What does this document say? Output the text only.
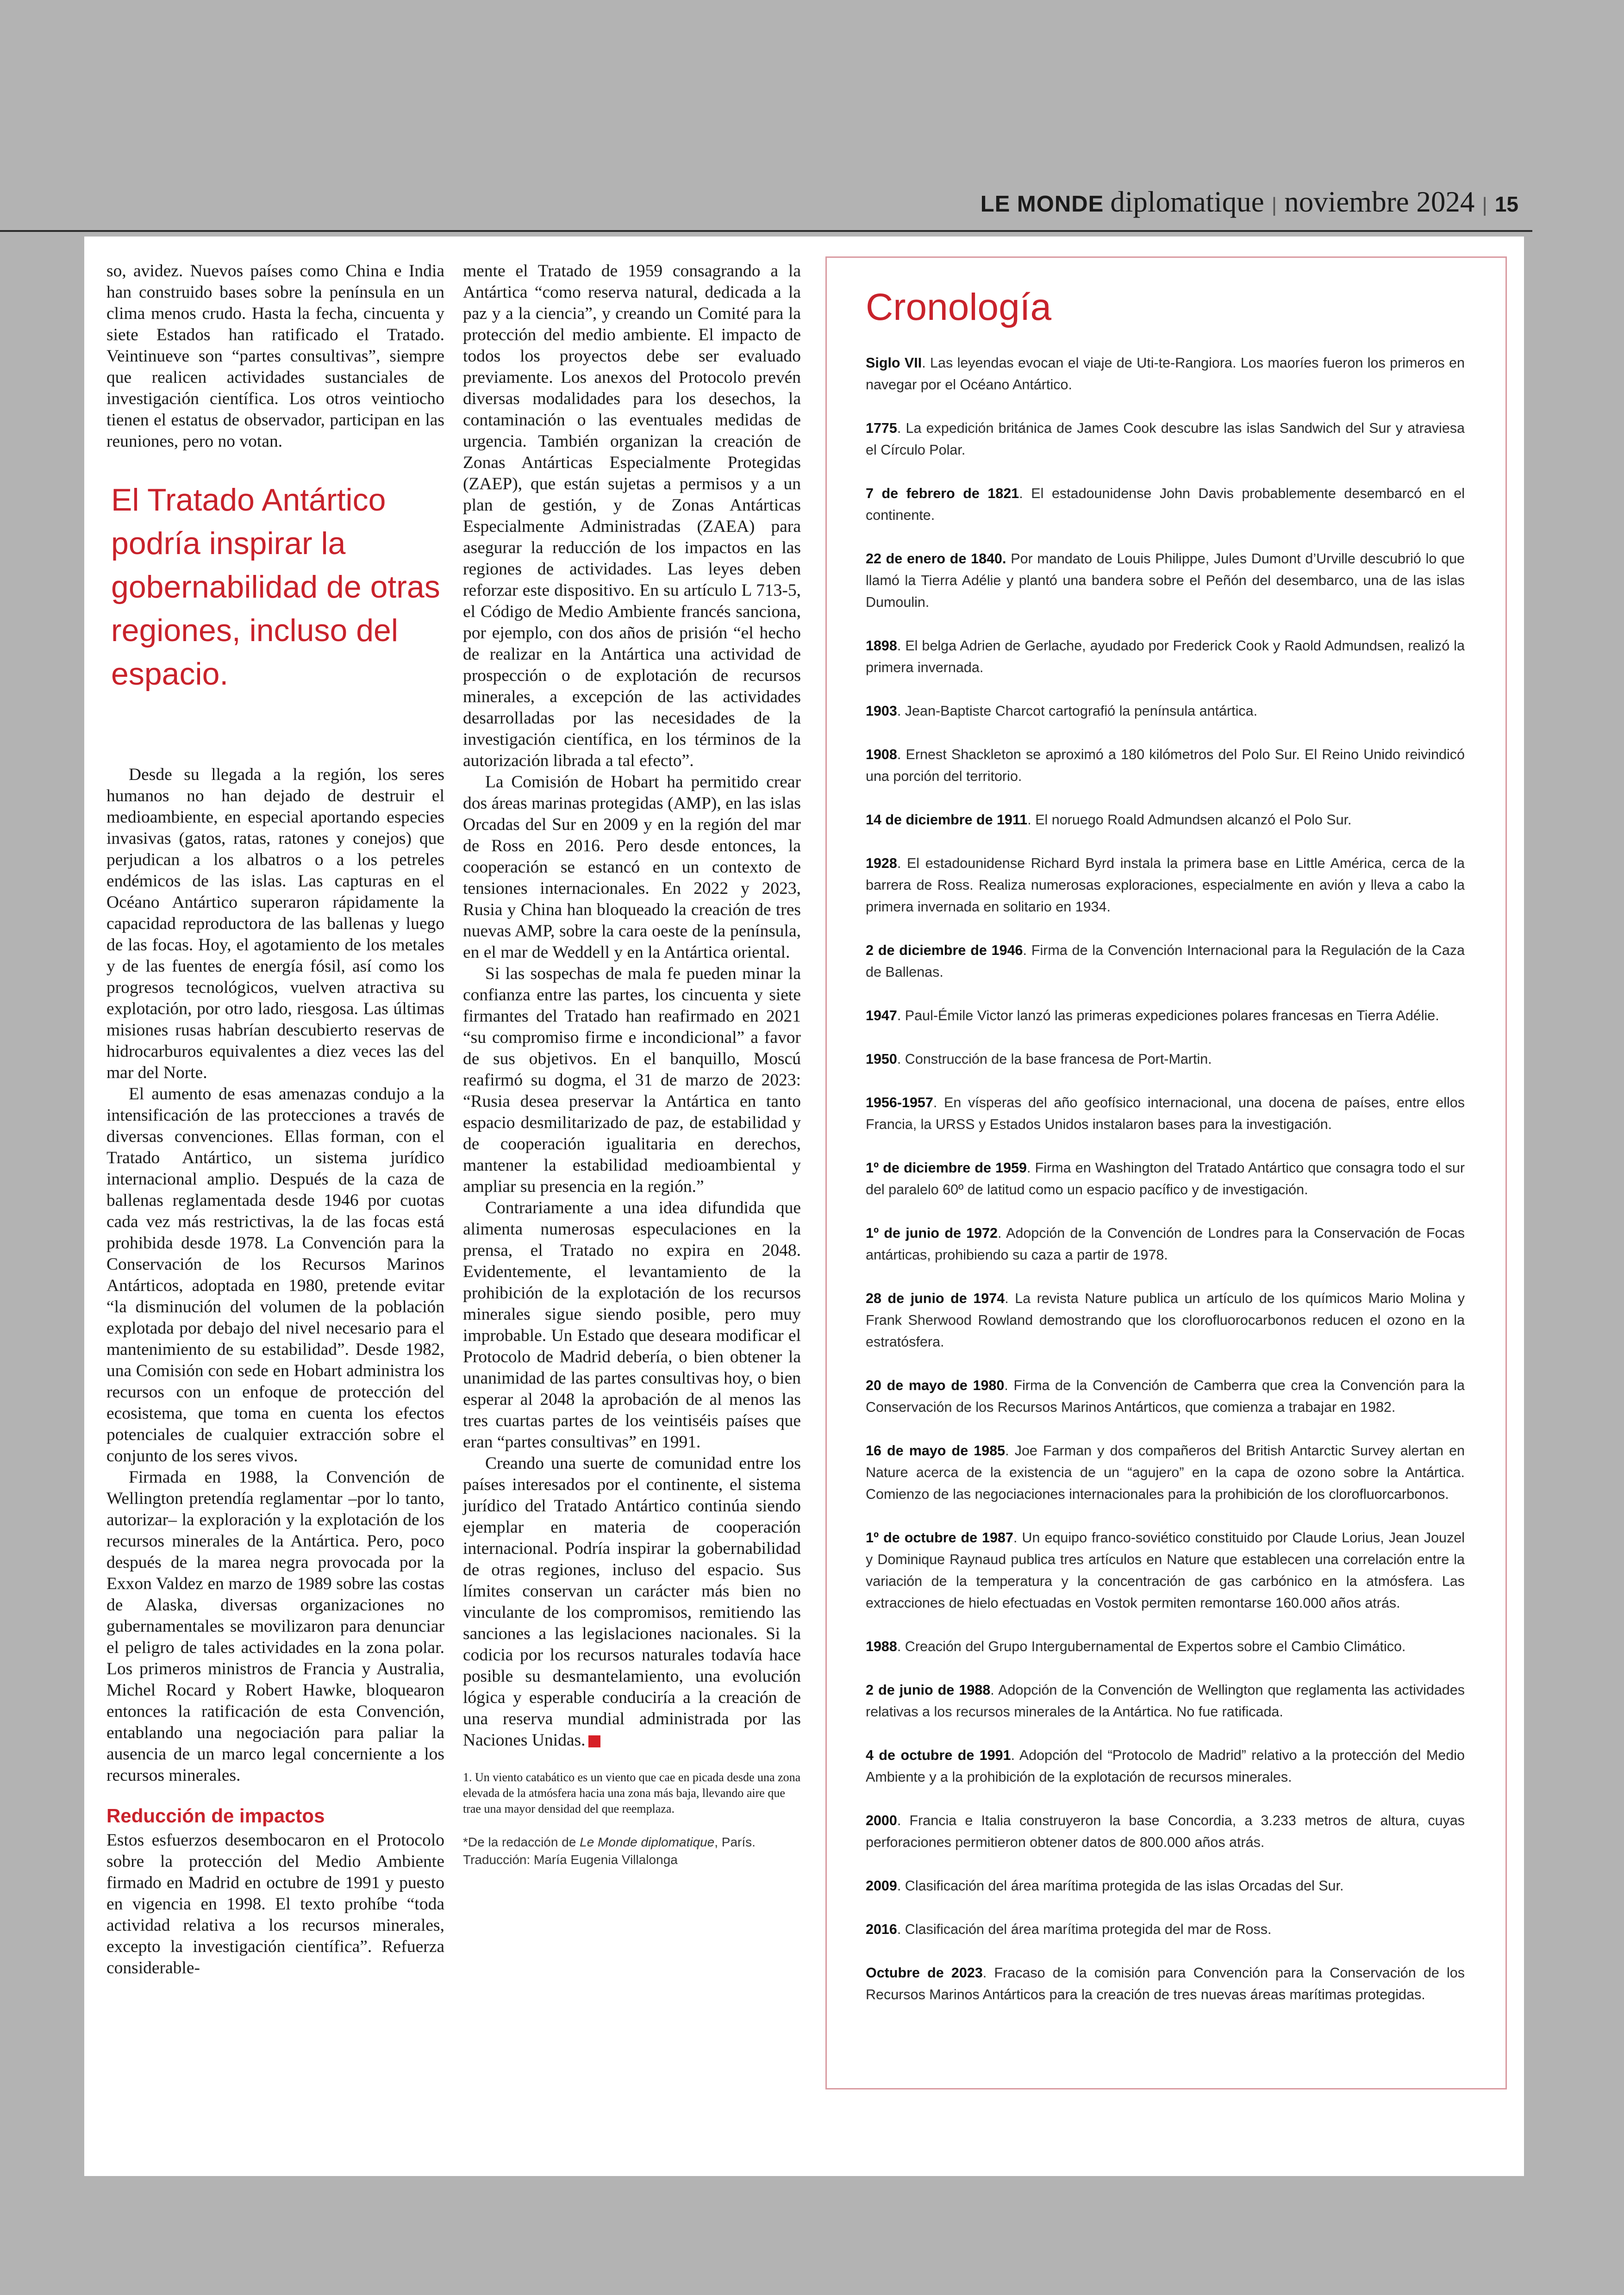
LE MONDE diplomatique | noviembre 2024 | 15

so, avidez. Nuevos países como China e India han construido bases sobre la península en un clima menos crudo. Hasta la fecha, cincuenta y siete Estados han ratificado el Tratado. Veintinueve son “partes consultivas”, siempre que realicen actividades sustanciales de investigación científica. Los otros veintiocho tienen el estatus de observador, participan en las reuniones, pero no votan.

El Tratado Antártico podría inspirar la gobernabilidad de otras regiones, incluso del espacio.

Desde su llegada a la región, los seres humanos no han dejado de destruir el medioambiente, en especial aportando especies invasivas (gatos, ratas, ratones y conejos) que perjudican a los albatros o a los petreles endémicos de las islas. Las capturas en el Océano Antártico superaron rápidamente la capacidad reproductora de las ballenas y luego de las focas. Hoy, el agotamiento de los metales y de las fuentes de energía fósil, así como los progresos tecnológicos, vuelven atractiva su explotación, por otro lado, riesgosa. Las últimas misiones rusas habrían descubierto reservas de hidrocarburos equivalentes a diez veces las del mar del Norte.

El aumento de esas amenazas condujo a la intensificación de las protecciones a través de diversas convenciones. Ellas forman, con el Tratado Antártico, un sistema jurídico internacional amplio. Después de la caza de ballenas reglamentada desde 1946 por cuotas cada vez más restrictivas, la de las focas está prohibida desde 1978. La Convención para la Conservación de los Recursos Marinos Antárticos, adoptada en 1980, pretende evitar “la disminución del volumen de la población explotada por debajo del nivel necesario para el mantenimiento de su estabilidad”. Desde 1982, una Comisión con sede en Hobart administra los recursos con un enfoque de protección del ecosistema, que toma en cuenta los efectos potenciales de cualquier extracción sobre el conjunto de los seres vivos.

Firmada en 1988, la Convención de Wellington pretendía reglamentar –por lo tanto, autorizar– la exploración y la explotación de los recursos minerales de la Antártica. Pero, poco después de la marea negra provocada por la Exxon Valdez en marzo de 1989 sobre las costas de Alaska, diversas organizaciones no gubernamentales se movilizaron para denunciar el peligro de tales actividades en la zona polar. Los primeros ministros de Francia y Australia, Michel Rocard y Robert Hawke, bloquearon entonces la ratificación de esta Convención, entablando una negociación para paliar la ausencia de un marco legal concerniente a los recursos minerales.

Reducción de impactos

Estos esfuerzos desembocaron en el Protocolo sobre la protección del Medio Ambiente firmado en Madrid en octubre de 1991 y puesto en vigencia en 1998. El texto prohíbe “toda actividad relativa a los recursos minerales, excepto la investigación científica”. Refuerza considerable-

mente el Tratado de 1959 consagrando a la Antártica “como reserva natural, dedicada a la paz y a la ciencia”, y creando un Comité para la protección del medio ambiente. El impacto de todos los proyectos debe ser evaluado previamente. Los anexos del Protocolo prevén diversas modalidades para los desechos, la contaminación o las eventuales medidas de urgencia. También organizan la creación de Zonas Antárticas Especialmente Protegidas (ZAEP), que están sujetas a permisos y a un plan de gestión, y de Zonas Antárticas Especialmente Administradas (ZAEA) para asegurar la reducción de los impactos en las regiones de actividades. Las leyes deben reforzar este dispositivo. En su artículo L 713-5, el Código de Medio Ambiente francés sanciona, por ejemplo, con dos años de prisión “el hecho de realizar en la Antártica una actividad de prospección o de explotación de recursos minerales, a excepción de las actividades desarrolladas por las necesidades de la investigación científica, en los términos de la autorización librada a tal efecto”.

La Comisión de Hobart ha permitido crear dos áreas marinas protegidas (AMP), en las islas Orcadas del Sur en 2009 y en la región del mar de Ross en 2016. Pero desde entonces, la cooperación se estancó en un contexto de tensiones internacionales. En 2022 y 2023, Rusia y China han bloqueado la creación de tres nuevas AMP, sobre la cara oeste de la península, en el mar de Weddell y en la Antártica oriental.

Si las sospechas de mala fe pueden minar la confianza entre las partes, los cincuenta y siete firmantes del Tratado han reafirmado en 2021 “su compromiso firme e incondicional” a favor de sus objetivos. En el banquillo, Moscú reafirmó su dogma, el 31 de marzo de 2023: “Rusia desea preservar la Antártica en tanto espacio desmilitarizado de paz, de estabilidad y de cooperación igualitaria en derechos, mantener la estabilidad medioambiental y ampliar su presencia en la región.”

Contrariamente a una idea difundida que alimenta numerosas especulaciones en la prensa, el Tratado no expira en 2048. Evidentemente, el levantamiento de la prohibición de la explotación de los recursos minerales sigue siendo posible, pero muy improbable. Un Estado que deseara modificar el Protocolo de Madrid debería, o bien obtener la unanimidad de las partes consultivas hoy, o bien esperar al 2048 la aprobación de al menos las tres cuartas partes de los veintiséis países que eran “partes consultivas” en 1991.

Creando una suerte de comunidad entre los países interesados por el continente, el sistema jurídico del Tratado Antártico continúa siendo ejemplar en materia de cooperación internacional. Podría inspirar la gobernabilidad de otras regiones, incluso del espacio. Sus límites conservan un carácter más bien no vinculante de los compromisos, remitiendo las sanciones a las legislaciones nacionales. Si la codicia por los recursos naturales todavía hace posible su desmantelamiento, una evolución lógica y esperable conduciría a la creación de una reserva mundial administrada por las Naciones Unidas.

1. Un viento catabático es un viento que cae en picada desde una zona elevada de la atmósfera hacia una zona más baja, llevando aire que trae una mayor densidad del que reemplaza.
*De la redacción de Le Monde diplomatique, París.
Traducción: María Eugenia Villalonga
Cronología

Siglo VII. Las leyendas evocan el viaje de Uti-te-Rangiora. Los maoríes fueron los primeros en navegar por el Océano Antártico.

1775. La expedición británica de James Cook descubre las islas Sandwich del Sur y atraviesa el Círculo Polar.

7 de febrero de 1821. El estadounidense John Davis probablemente desembarcó en el continente.

22 de enero de 1840. Por mandato de Louis Philippe, Jules Dumont d’Urville descubrió lo que llamó la Tierra Adélie y plantó una bandera sobre el Peñón del desembarco, una de las islas Dumoulin.

1898. El belga Adrien de Gerlache, ayudado por Frederick Cook y Raold Admundsen, realizó la primera invernada.

1903. Jean-Baptiste Charcot cartografió la península antártica.

1908. Ernest Shackleton se aproximó a 180 kilómetros del Polo Sur. El Reino Unido reivindicó una porción del territorio.

14 de diciembre de 1911. El noruego Roald Admundsen alcanzó el Polo Sur.

1928. El estadounidense Richard Byrd instala la primera base en Little América, cerca de la barrera de Ross. Realiza numerosas exploraciones, especialmente en avión y lleva a cabo la primera invernada en solitario en 1934.

2 de diciembre de 1946. Firma de la Convención Internacional para la Regulación de la Caza de Ballenas.

1947. Paul-Émile Victor lanzó las primeras expediciones polares francesas en Tierra Adélie.

1950. Construcción de la base francesa de Port-Martin.

1956-1957. En vísperas del año geofísico internacional, una docena de países, entre ellos Francia, la URSS y Estados Unidos instalaron bases para la investigación.

1º de diciembre de 1959. Firma en Washington del Tratado Antártico que consagra todo el sur del paralelo 60º de latitud como un espacio pacífico y de investigación.

1º de junio de 1972. Adopción de la Convención de Londres para la Conservación de Focas antárticas, prohibiendo su caza a partir de 1978.

28 de junio de 1974. La revista Nature publica un artículo de los químicos Mario Molina y Frank Sherwood Rowland demostrando que los clorofluorocarbonos reducen el ozono en la estratósfera.

20 de mayo de 1980. Firma de la Convención de Camberra que crea la Convención para la Conservación de los Recursos Marinos Antárticos, que comienza a trabajar en 1982.

16 de mayo de 1985. Joe Farman y dos compañeros del British Antarctic Survey alertan en Nature acerca de la existencia de un “agujero” en la capa de ozono sobre la Antártica. Comienzo de las negociaciones internacionales para la prohibición de los clorofluorcarbonos.

1º de octubre de 1987. Un equipo franco-soviético constituido por Claude Lorius, Jean Jouzel y Dominique Raynaud publica tres artículos en Nature que establecen una correlación entre la variación de la temperatura y la concentración de gas carbónico en la atmósfera. Las extracciones de hielo efectuadas en Vostok permiten remontarse 160.000 años atrás.

1988. Creación del Grupo Intergubernamental de Expertos sobre el Cambio Climático.

2 de junio de 1988. Adopción de la Convención de Wellington que reglamenta las actividades relativas a los recursos minerales de la Antártica. No fue ratificada.

4 de octubre de 1991. Adopción del “Protocolo de Madrid” relativo a la protección del Medio Ambiente y a la prohibición de la explotación de recursos minerales.

2000. Francia e Italia construyeron la base Concordia, a 3.233 metros de altura, cuyas perforaciones permitieron obtener datos de 800.000 años atrás.

2009. Clasificación del área marítima protegida de las islas Orcadas del Sur.

2016. Clasificación del área marítima protegida del mar de Ross.

Octubre de 2023. Fracaso de la comisión para Convención para la Conservación de los Recursos Marinos Antárticos para la creación de tres nuevas áreas marítimas protegidas.
